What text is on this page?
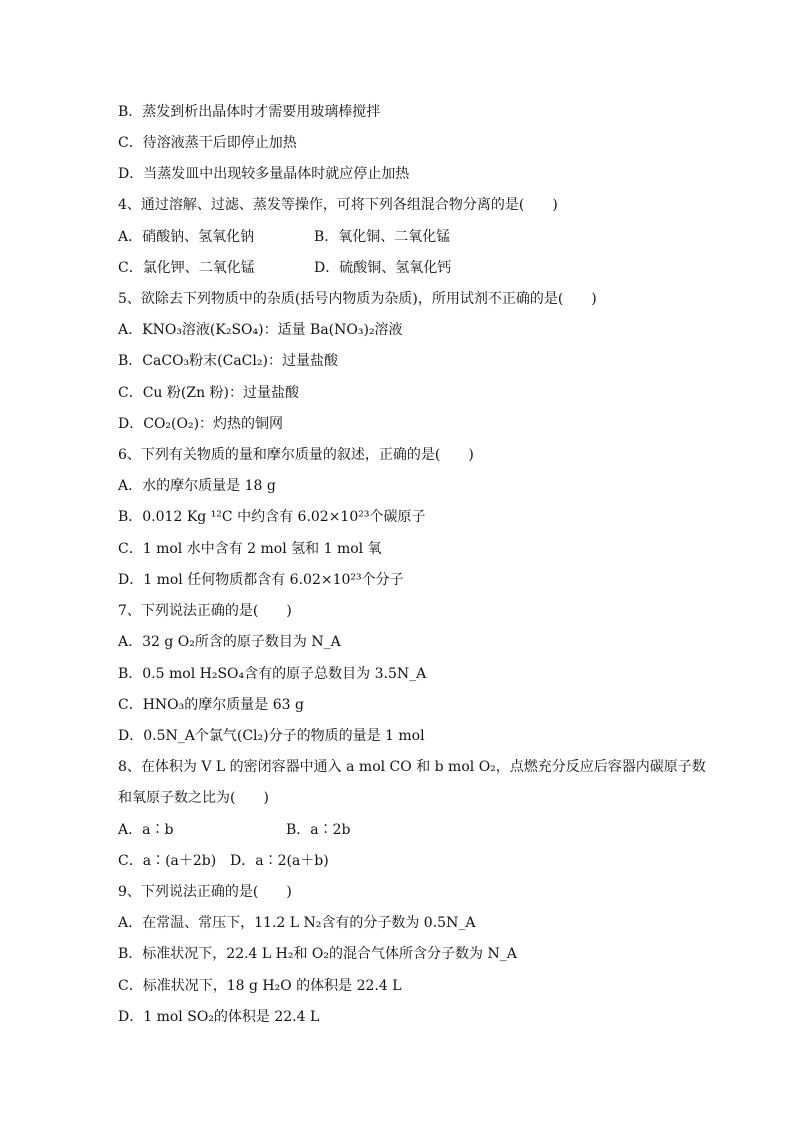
B．蒸发到析出晶体时才需要用玻璃棒搅拌
C．待溶液蒸干后即停止加热
D．当蒸发皿中出现较多量晶体时就应停止加热
4、通过溶解、过滤、蒸发等操作，可将下列各组混合物分离的是(　　)
A．硝酸钠、氢氧化钠	B．氧化铜、二氧化锰
C．氯化钾、二氧化锰	D．硫酸铜、氢氧化钙
5、欲除去下列物质中的杂质(括号内物质为杂质)，所用试剂不正确的是(　　)
A．KNO₃溶液(K₂SO₄)：适量 Ba(NO₃)₂溶液
B．CaCO₃粉末(CaCl₂)：过量盐酸
C．Cu 粉(Zn 粉)：过量盐酸
D．CO₂(O₂)：灼热的铜网
6、下列有关物质的量和摩尔质量的叙述，正确的是(　　)
A．水的摩尔质量是 18 g
B．0.012 Kg ¹²C 中约含有 6.02×10²³个碳原子
C．1 mol 水中含有 2 mol 氢和 1 mol 氧
D．1 mol 任何物质都含有 6.02×10²³个分子
7、下列说法正确的是(　　)
A．32 g O₂所含的原子数目为 N_A
B．0.5 mol H₂SO₄含有的原子总数目为 3.5N_A
C．HNO₃的摩尔质量是 63 g
D．0.5N_A个氯气(Cl₂)分子的物质的量是 1 mol
8、在体积为 V L 的密闭容器中通入 a mol CO 和 b mol O₂，点燃充分反应后容器内碳原子数
和氧原子数之比为(　　)
A．a∶b	B．a∶2b
C．a∶(a＋2b) D．a∶2(a＋b)
9、下列说法正确的是(　　)
A．在常温、常压下，11.2 L N₂含有的分子数为 0.5N_A
B．标准状况下，22.4 L H₂和 O₂的混合气体所含分子数为 N_A
C．标准状况下，18 g H₂O 的体积是 22.4 L
D．1 mol SO₂的体积是 22.4 L
